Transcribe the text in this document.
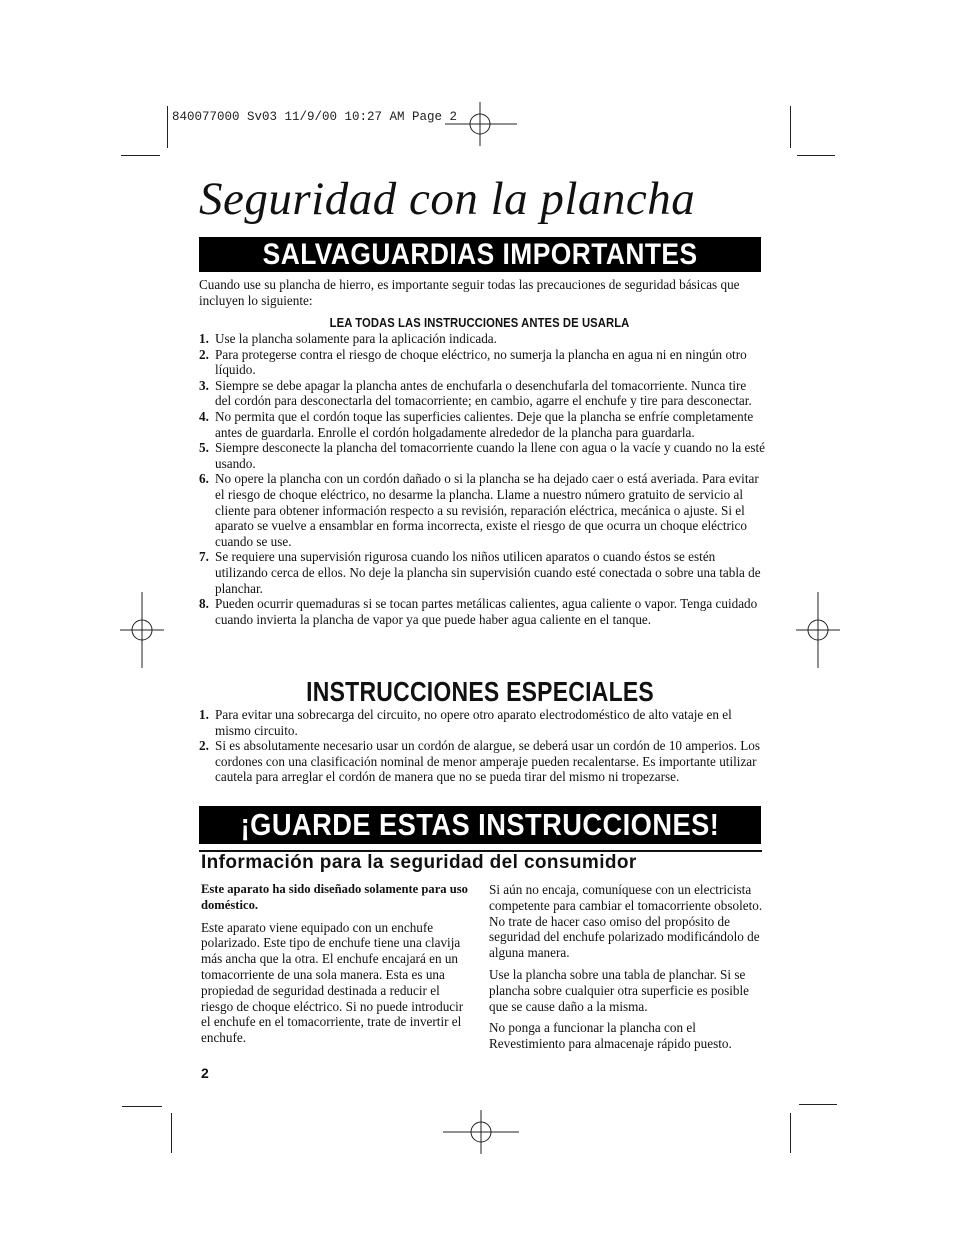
840077000 Sv03 11/9/00 10:27 AM Page 2
Seguridad con la plancha
SALVAGUARDIAS IMPORTANTES
Cuando use su plancha de hierro, es importante seguir todas las precauciones de seguridad básicas que incluyen lo siguiente:
LEA TODAS LAS INSTRUCCIONES ANTES DE USARLA
1. Use la plancha solamente para la aplicación indicada.
2. Para protegerse contra el riesgo de choque eléctrico, no sumerja la plancha en agua ni en ningún otro líquido.
3. Siempre se debe apagar la plancha antes de enchufarla o desenchufarla del tomacorriente. Nunca tire del cordón para desconectarla del tomacorriente; en cambio, agarre el enchufe y tire para desconectar.
4. No permita que el cordón toque las superficies calientes. Deje que la plancha se enfríe completamente antes de guardarla. Enrolle el cordón holgadamente alrededor de la plancha para guardarla.
5. Siempre desconecte la plancha del tomacorriente cuando la llene con agua o la vacíe y cuando no la esté usando.
6. No opere la plancha con un cordón dañado o si la plancha se ha dejado caer o está averiada. Para evitar el riesgo de choque eléctrico, no desarme la plancha. Llame a nuestro número gratuito de servicio al cliente para obtener información respecto a su revisión, reparación eléctrica, mecánica o ajuste. Si el aparato se vuelve a ensamblar en forma incorrecta, existe el riesgo de que ocurra un choque eléctrico cuando se use.
7. Se requiere una supervisión rigurosa cuando los niños utilicen aparatos o cuando éstos se estén utilizando cerca de ellos. No deje la plancha sin supervisión cuando esté conectada o sobre una tabla de planchar.
8. Pueden ocurrir quemaduras si se tocan partes metálicas calientes, agua caliente o vapor. Tenga cuidado cuando invierta la plancha de vapor ya que puede haber agua caliente en el tanque.
INSTRUCCIONES ESPECIALES
1. Para evitar una sobrecarga del circuito, no opere otro aparato electrodoméstico de alto vataje en el mismo circuito.
2. Si es absolutamente necesario usar un cordón de alargue, se deberá usar un cordón de 10 amperios. Los cordones con una clasificación nominal de menor amperaje pueden recalentarse. Es importante utilizar cautela para arreglar el cordón de manera que no se pueda tirar del mismo ni tropezarse.
¡GUARDE ESTAS INSTRUCCIONES!
Información para la seguridad del consumidor

Este aparato ha sido diseñado solamente para uso doméstico.

Este aparato viene equipado con un enchufe polarizado. Este tipo de enchufe tiene una clavija más ancha que la otra. El enchufe encajará en un tomacorriente de una sola manera. Esta es una propiedad de seguridad destinada a reducir el riesgo de choque eléctrico. Si no puede introducir el enchufe en el tomacorriente, trate de invertir el enchufe.

Si aún no encaja, comuníquese con un electricista competente para cambiar el tomacorriente obsoleto. No trate de hacer caso omiso del propósito de seguridad del enchufe polarizado modificándolo de alguna manera.

Use la plancha sobre una tabla de planchar. Si se plancha sobre cualquier otra superficie es posible que se cause daño a la misma.

No ponga a funcionar la plancha con el Revestimiento para almacenaje rápido puesto.

2
